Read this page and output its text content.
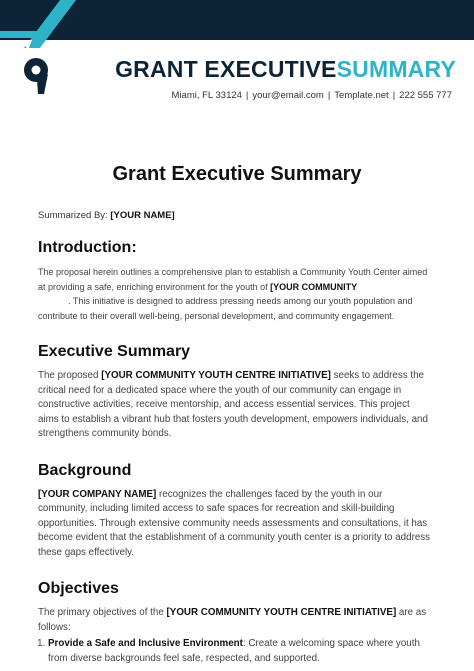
GRANT EXECUTIVESUMMARY
Miami, FL 33124 | your@email.com | Template.net | 222 555 777
Grant Executive Summary
Summarized By: [YOUR NAME]
Introduction:

The proposal herein outlines a comprehensive plan to establish a Community Youth Center aimed at providing a safe, enriching environment for the youth of [YOUR COMMUNITY
. This initiative is designed to address pressing needs among our youth population and contribute to their overall well-being, personal development, and community engagement.

Executive Summary

The proposed [YOUR COMMUNITY YOUTH CENTRE INITIATIVE] seeks to address the critical need for a dedicated space where the youth of our community can engage in constructive activities, receive mentorship, and access essential services. This project aims to establish a vibrant hub that fosters youth development, empowers individuals, and strengthens community bonds.

Background

[YOUR COMPANY NAME] recognizes the challenges faced by the youth in our community, including limited access to safe spaces for recreation and skill-building opportunities. Through extensive community needs assessments and consultations, it has become evident that the establishment of a community youth center is a priority to address these gaps effectively.

Objectives

The primary objectives of the [YOUR COMMUNITY YOUTH CENTRE INITIATIVE] are as follows:

1. Provide a Safe and Inclusive Environment: Create a welcoming space where youth from diverse backgrounds feel safe, respected, and supported.
